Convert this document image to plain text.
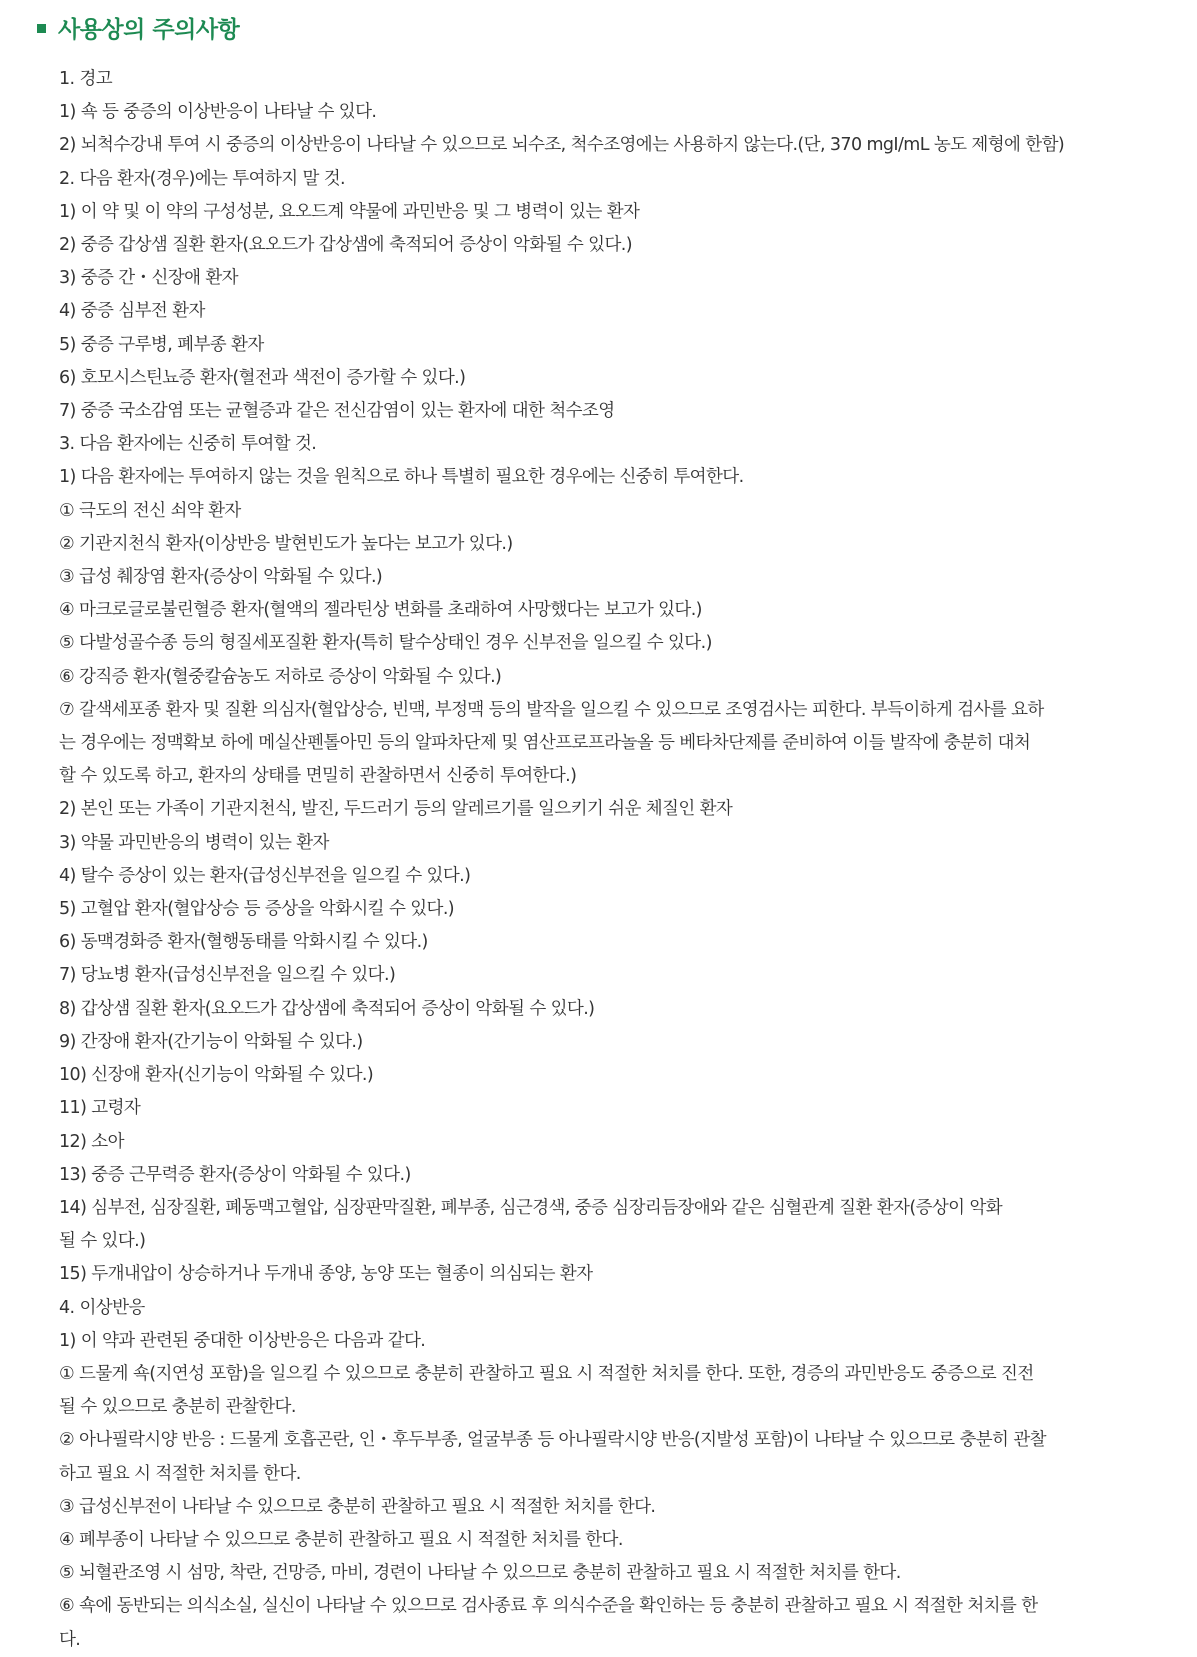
사용상의 주의사항
1. 경고
1) 쇽 등 중증의 이상반응이 나타날 수 있다.
2) 뇌척수강내 투여 시 중증의 이상반응이 나타날 수 있으므로 뇌수조, 척수조영에는 사용하지 않는다.(단, 370 mgI/mL 농도 제형에 한함)
2. 다음 환자(경우)에는 투여하지 말 것.
1) 이 약 및 이 약의 구성성분, 요오드계 약물에 과민반응 및 그 병력이 있는 환자
2) 중증 갑상샘 질환 환자(요오드가 갑상샘에 축적되어 증상이 악화될 수 있다.)
3) 중증 간・신장애 환자
4) 중증 심부전 환자
5) 중증 구루병, 폐부종 환자
6) 호모시스틴뇨증 환자(혈전과 색전이 증가할 수 있다.)
7) 중증 국소감염 또는 균혈증과 같은 전신감염이 있는 환자에 대한 척수조영
3. 다음 환자에는 신중히 투여할 것.
1) 다음 환자에는 투여하지 않는 것을 원칙으로 하나 특별히 필요한 경우에는 신중히 투여한다.
① 극도의 전신 쇠약 환자
② 기관지천식 환자(이상반응 발현빈도가 높다는 보고가 있다.)
③ 급성 췌장염 환자(증상이 악화될 수 있다.)
④ 마크로글로불린혈증 환자(혈액의 젤라틴상 변화를 초래하여 사망했다는 보고가 있다.)
⑤ 다발성골수종 등의 형질세포질환 환자(특히 탈수상태인 경우 신부전을 일으킬 수 있다.)
⑥ 강직증 환자(혈중칼슘농도 저하로 증상이 악화될 수 있다.)
⑦ 갈색세포종 환자 및 질환 의심자(혈압상승, 빈맥, 부정맥 등의 발작을 일으킬 수 있으므로 조영검사는 피한다. 부득이하게 검사를 요하
는 경우에는 정맥확보 하에 메실산펜톨아민 등의 알파차단제 및 염산프로프라놀올 등 베타차단제를 준비하여 이들 발작에 충분히 대처
할 수 있도록 하고, 환자의 상태를 면밀히 관찰하면서 신중히 투여한다.)
2) 본인 또는 가족이 기관지천식, 발진, 두드러기 등의 알레르기를 일으키기 쉬운 체질인 환자
3) 약물 과민반응의 병력이 있는 환자
4) 탈수 증상이 있는 환자(급성신부전을 일으킬 수 있다.)
5) 고혈압 환자(혈압상승 등 증상을 악화시킬 수 있다.)
6) 동맥경화증 환자(혈행동태를 악화시킬 수 있다.)
7) 당뇨병 환자(급성신부전을 일으킬 수 있다.)
8) 갑상샘 질환 환자(요오드가 갑상샘에 축적되어 증상이 악화될 수 있다.)
9) 간장애 환자(간기능이 악화될 수 있다.)
10) 신장애 환자(신기능이 악화될 수 있다.)
11) 고령자
12) 소아
13) 중증 근무력증 환자(증상이 악화될 수 있다.)
14) 심부전, 심장질환, 폐동맥고혈압, 심장판막질환, 폐부종, 심근경색, 중증 심장리듬장애와 같은 심혈관계 질환 환자(증상이 악화
될 수 있다.)
15) 두개내압이 상승하거나 두개내 종양, 농양 또는 혈종이 의심되는 환자
4. 이상반응
1) 이 약과 관련된 중대한 이상반응은 다음과 같다.
① 드물게 쇽(지연성 포함)을 일으킬 수 있으므로 충분히 관찰하고 필요 시 적절한 처치를 한다. 또한, 경증의 과민반응도 중증으로 진전
될 수 있으므로 충분히 관찰한다.
② 아나필락시양 반응 : 드물게 호흡곤란, 인・후두부종, 얼굴부종 등 아나필락시양 반응(지발성 포함)이 나타날 수 있으므로 충분히 관찰
하고 필요 시 적절한 처치를 한다.
③ 급성신부전이 나타날 수 있으므로 충분히 관찰하고 필요 시 적절한 처치를 한다.
④ 폐부종이 나타날 수 있으므로 충분히 관찰하고 필요 시 적절한 처치를 한다.
⑤ 뇌혈관조영 시 섬망, 착란, 건망증, 마비, 경련이 나타날 수 있으므로 충분히 관찰하고 필요 시 적절한 처치를 한다.
⑥ 쇽에 동반되는 의식소실, 실신이 나타날 수 있으므로 검사종료 후 의식수준을 확인하는 등 충분히 관찰하고 필요 시 적절한 처치를 한
다.
